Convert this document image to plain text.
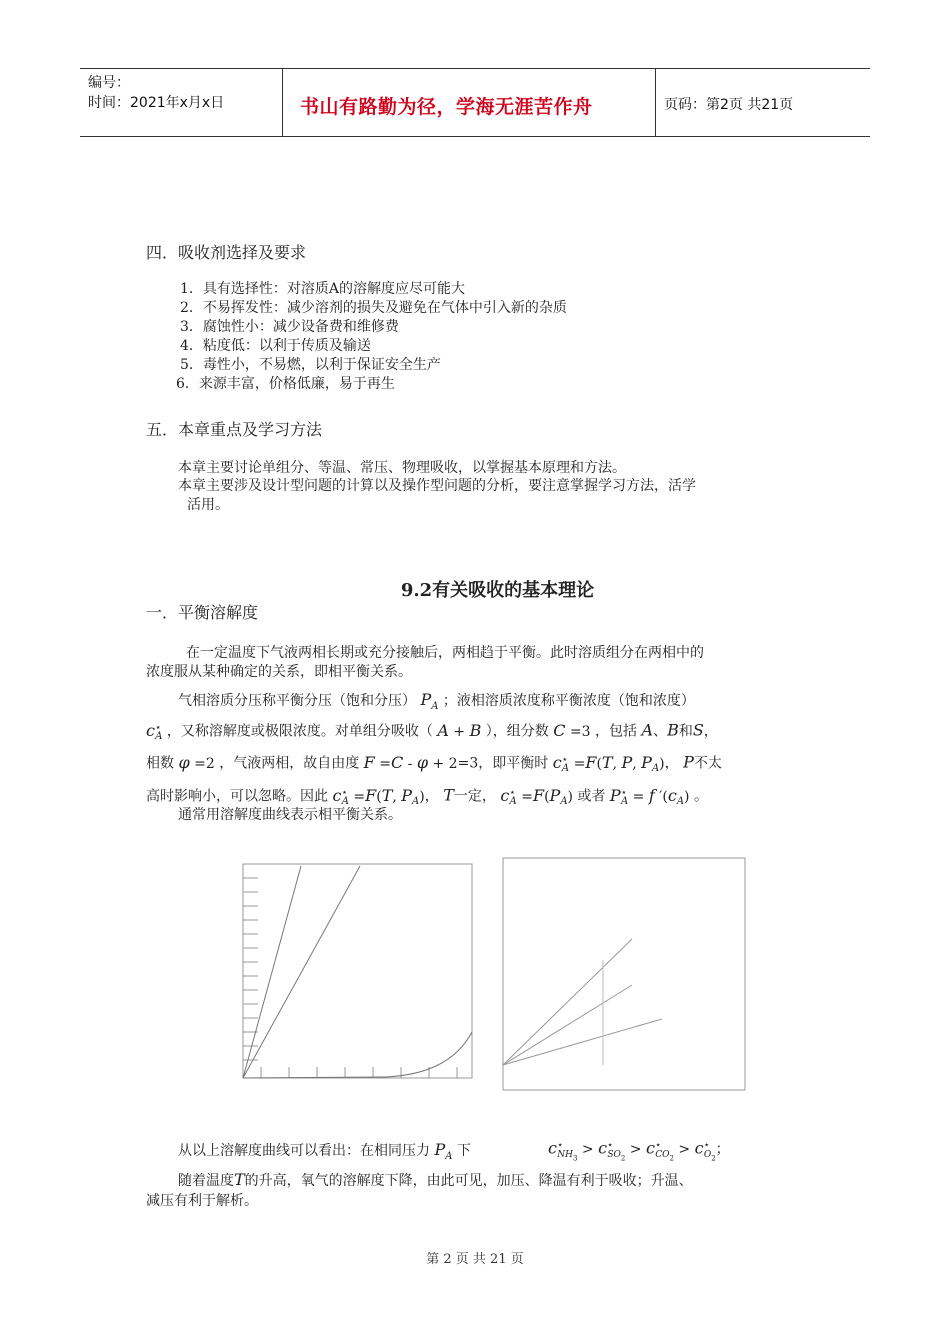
编号：
时间：2021年x月x日	书山有路勤为径，学海无涯苦作舟	页码：第2页 共21页
四．吸收剂选择及要求
1．具有选择性：对溶质A的溶解度应尽可能大
2．不易挥发性：减少溶剂的损失及避免在气体中引入新的杂质
3．腐蚀性小：减少设备费和维修费
4．粘度低：以利于传质及输送
5．毒性小，不易燃，以利于保证安全生产
6．来源丰富，价格低廉，易于再生
五．本章重点及学习方法
本章主要讨论单组分、等温、常压、物理吸收，以掌握基本原理和方法。
本章主要涉及设计型问题的计算以及操作型问题的分析，要注意掌握学习方法，活学
活用。
9.2有关吸收的基本理论
一．平衡溶解度
在一定温度下气液两相长期或充分接触后，两相趋于平衡。此时溶质组分在两相中的
浓度服从某种确定的关系，即相平衡关系。
气相溶质分压称平衡分压（饱和分压） $P_A$ ；液相溶质浓度称平衡浓度（饱和浓度）
$c^⋆_A$ ，又称溶解度或极限浓度。对单组分吸收（ A + B ），组分数 C =3 ，包括 A、B和S，
相数 φ =2 ，气液两相，故自由度 F =C - φ + 2=3，即平衡时 $c^⋆_A =F(T$, P, $P_A$)， P不太
高时影响小，可以忽略。因此 $c^⋆_A =F(T$, $P_A$)， T一定， $c^⋆_A =F(P_A)$ 或者 $P^⋆_A = f$ $'(c_A)$ 。
通常用溶解度曲线表示相平衡关系。
从以上溶解度曲线可以看出：在相同压力 $P_A$ 下	$c^⋆_{NH_3} > c^⋆_{SO_2} > c^⋆_{CO_2} > c^⋆_{O_2}$；
随着温度T的升高，氧气的溶解度下降，由此可见，加压、降温有利于吸收；升温、
减压有利于解析。
第 2 页 共 21 页
